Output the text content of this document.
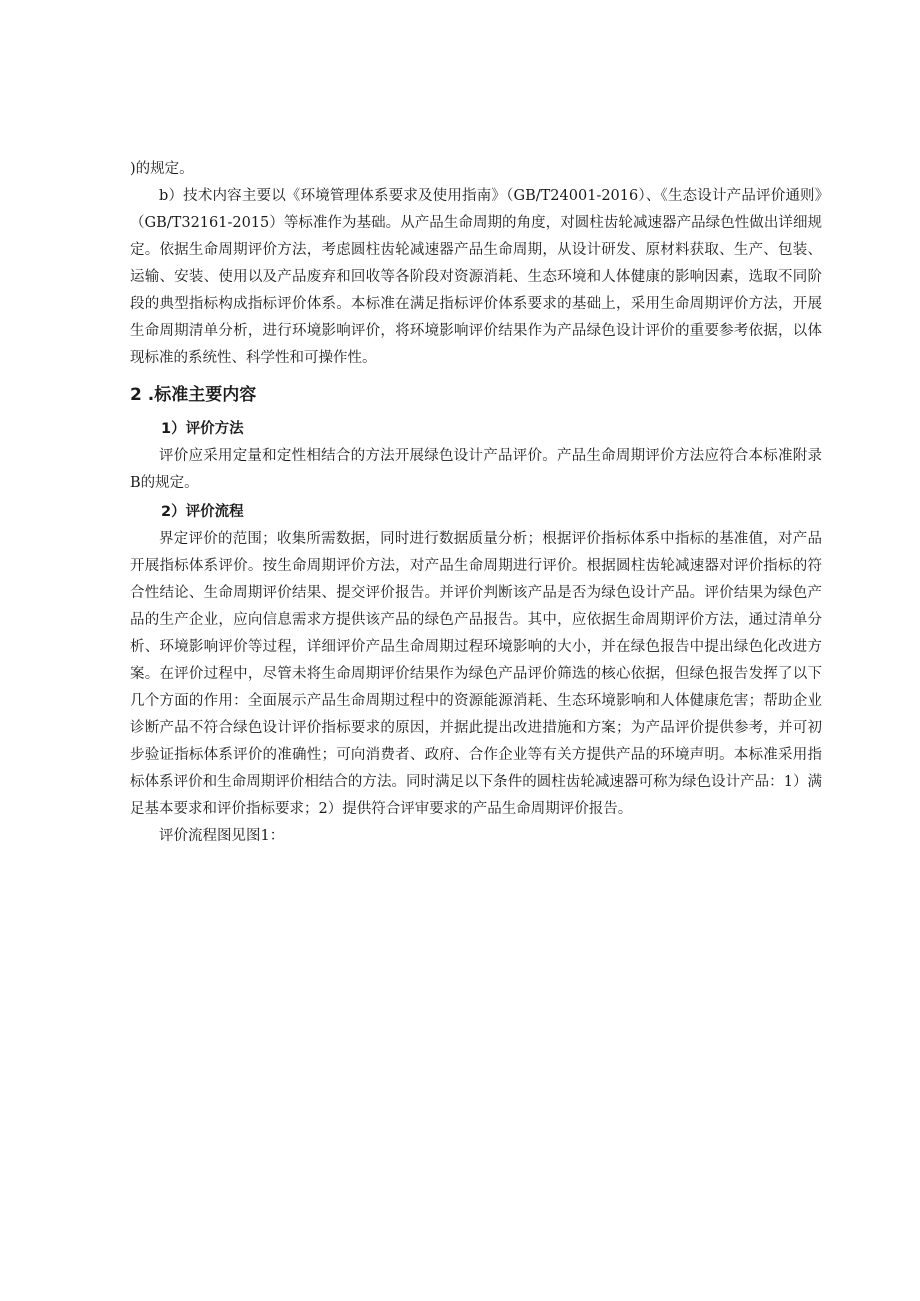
)的规定。

b）技术内容主要以《环境管理体系要求及使用指南》（GB/T24001-2016）、《生态设计产品评价通则》（GB/T32161-2015）等标准作为基础。从产品生命周期的角度，对圆柱齿轮减速器产品绿色性做出详细规定。依据生命周期评价方法，考虑圆柱齿轮减速器产品生命周期，从设计研发、原材料获取、生产、包装、运输、安装、使用以及产品废弃和回收等各阶段对资源消耗、生态环境和人体健康的影响因素，选取不同阶段的典型指标构成指标评价体系。本标准在满足指标评价体系要求的基础上，采用生命周期评价方法，开展生命周期清单分析，进行环境影响评价，将环境影响评价结果作为产品绿色设计评价的重要参考依据，以体现标准的系统性、科学性和可操作性。

2 .标准主要内容
1）评价方法

评价应采用定量和定性相结合的方法开展绿色设计产品评价。产品生命周期评价方法应符合本标准附录B的规定。

2）评价流程

界定评价的范围；收集所需数据，同时进行数据质量分析；根据评价指标体系中指标的基准值，对产品开展指标体系评价。按生命周期评价方法，对产品生命周期进行评价。根据圆柱齿轮减速器对评价指标的符合性结论、生命周期评价结果、提交评价报告。并评价判断该产品是否为绿色设计产品。评价结果为绿色产品的生产企业，应向信息需求方提供该产品的绿色产品报告。其中，应依据生命周期评价方法，通过清单分析、环境影响评价等过程，详细评价产品生命周期过程环境影响的大小，并在绿色报告中提出绿色化改进方案。在评价过程中，尽管未将生命周期评价结果作为绿色产品评价筛选的核心依据，但绿色报告发挥了以下几个方面的作用：全面展示产品生命周期过程中的资源能源消耗、生态环境影响和人体健康危害；帮助企业诊断产品不符合绿色设计评价指标要求的原因，并据此提出改进措施和方案；为产品评价提供参考，并可初步验证指标体系评价的准确性；可向消费者、政府、合作企业等有关方提供产品的环境声明。本标准采用指标体系评价和生命周期评价相结合的方法。同时满足以下条件的圆柱齿轮减速器可称为绿色设计产品：1）满足基本要求和评价指标要求；2）提供符合评审要求的产品生命周期评价报告。

评价流程图见图1：
